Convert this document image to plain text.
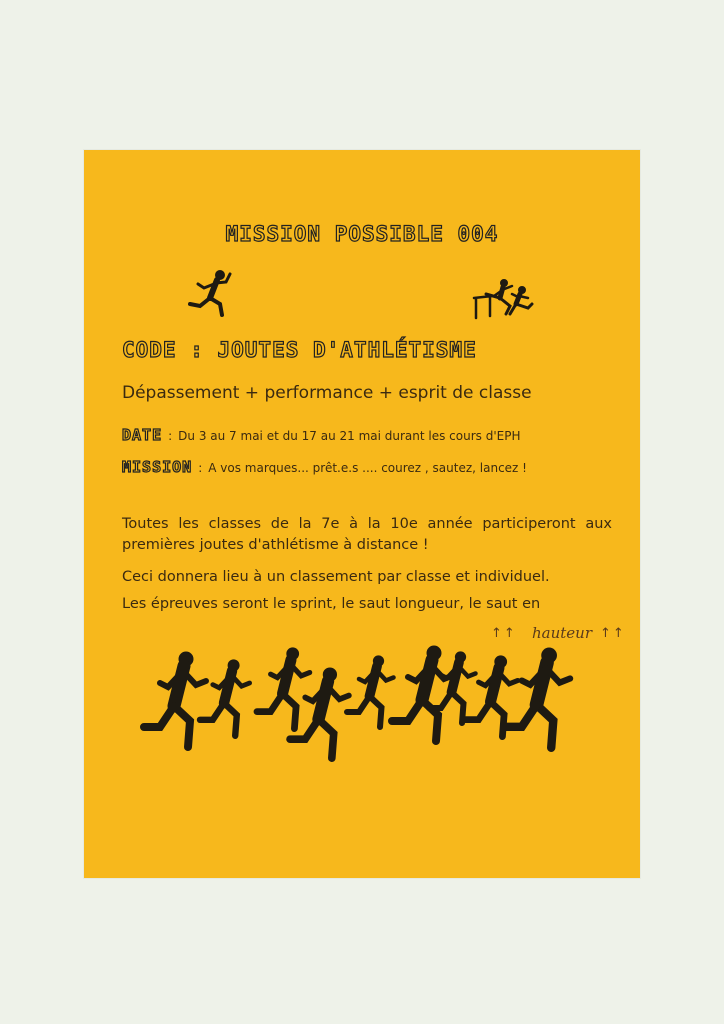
MISSION POSSIBLE 004
CODE : JOUTES D'ATHLÉTISME
Dépassement + performance + esprit de classe
DATE : Du 3 au 7 mai et du 17 au 21 mai durant les cours d'EPH
MISSION : A vos marques... prêt.e.s .... courez , sautez, lancez !
Toutes les classes de la 7e à la 10e année participeront aux premières joutes d'athlétisme à distance !
Ceci donnera lieu à un classement par classe et individuel.
Les épreuves seront le sprint, le saut longueur, le saut en
↑↑ hauteur ↑↑
